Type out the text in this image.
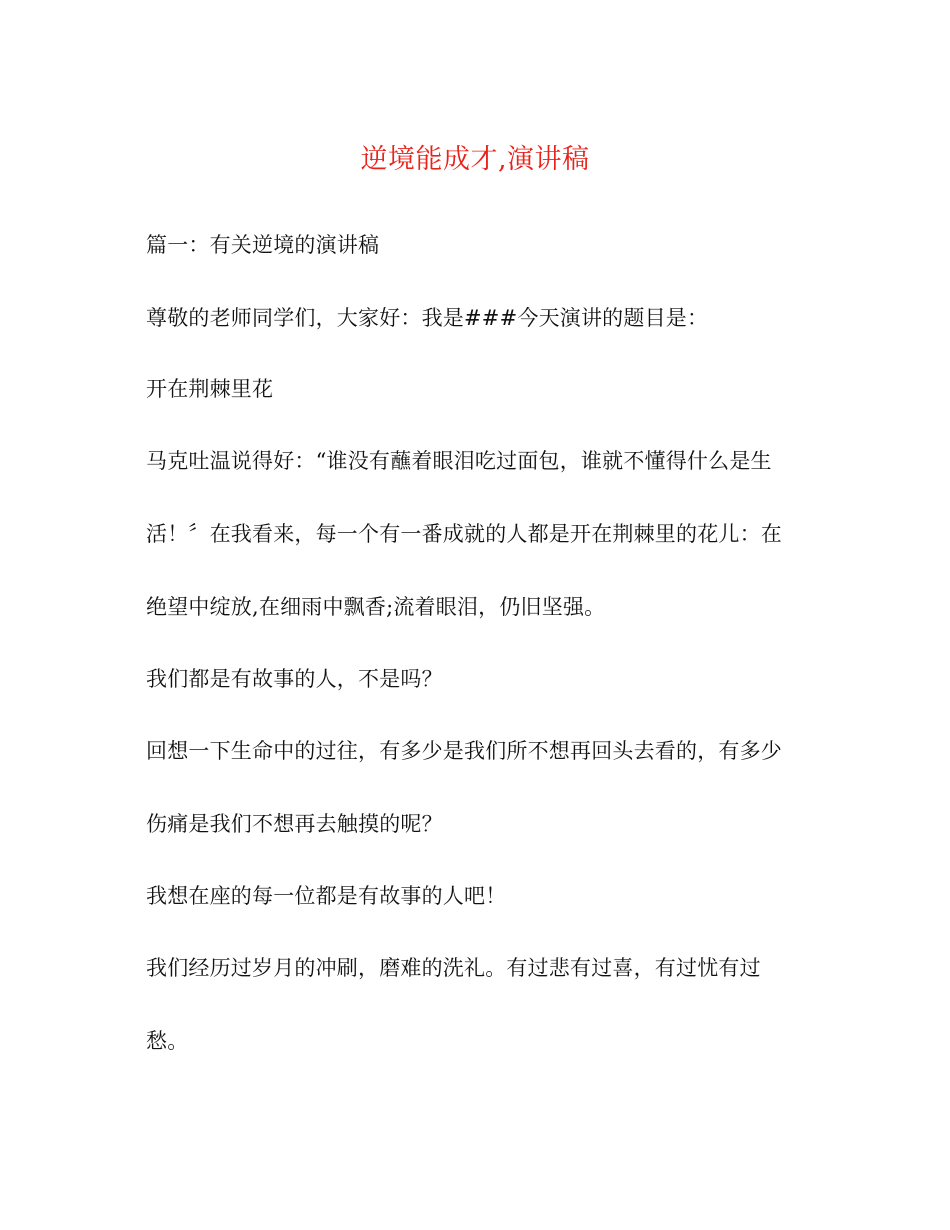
逆境能成才,演讲稿
篇一：有关逆境的演讲稿
尊敬的老师同学们，大家好：我是###今天演讲的题目是：
开在荆棘里花
马克吐温说得好：“谁没有蘸着眼泪吃过面包，谁就不懂得什么是生
活！〞在我看来，每一个有一番成就的人都是开在荆棘里的花儿：在
绝望中绽放,在细雨中飘香;流着眼泪，仍旧坚强。
我们都是有故事的人，不是吗？
回想一下生命中的过往，有多少是我们所不想再回头去看的，有多少
伤痛是我们不想再去触摸的呢？
我想在座的每一位都是有故事的人吧！
我们经历过岁月的冲刷，磨难的洗礼。有过悲有过喜，有过忧有过
愁。
